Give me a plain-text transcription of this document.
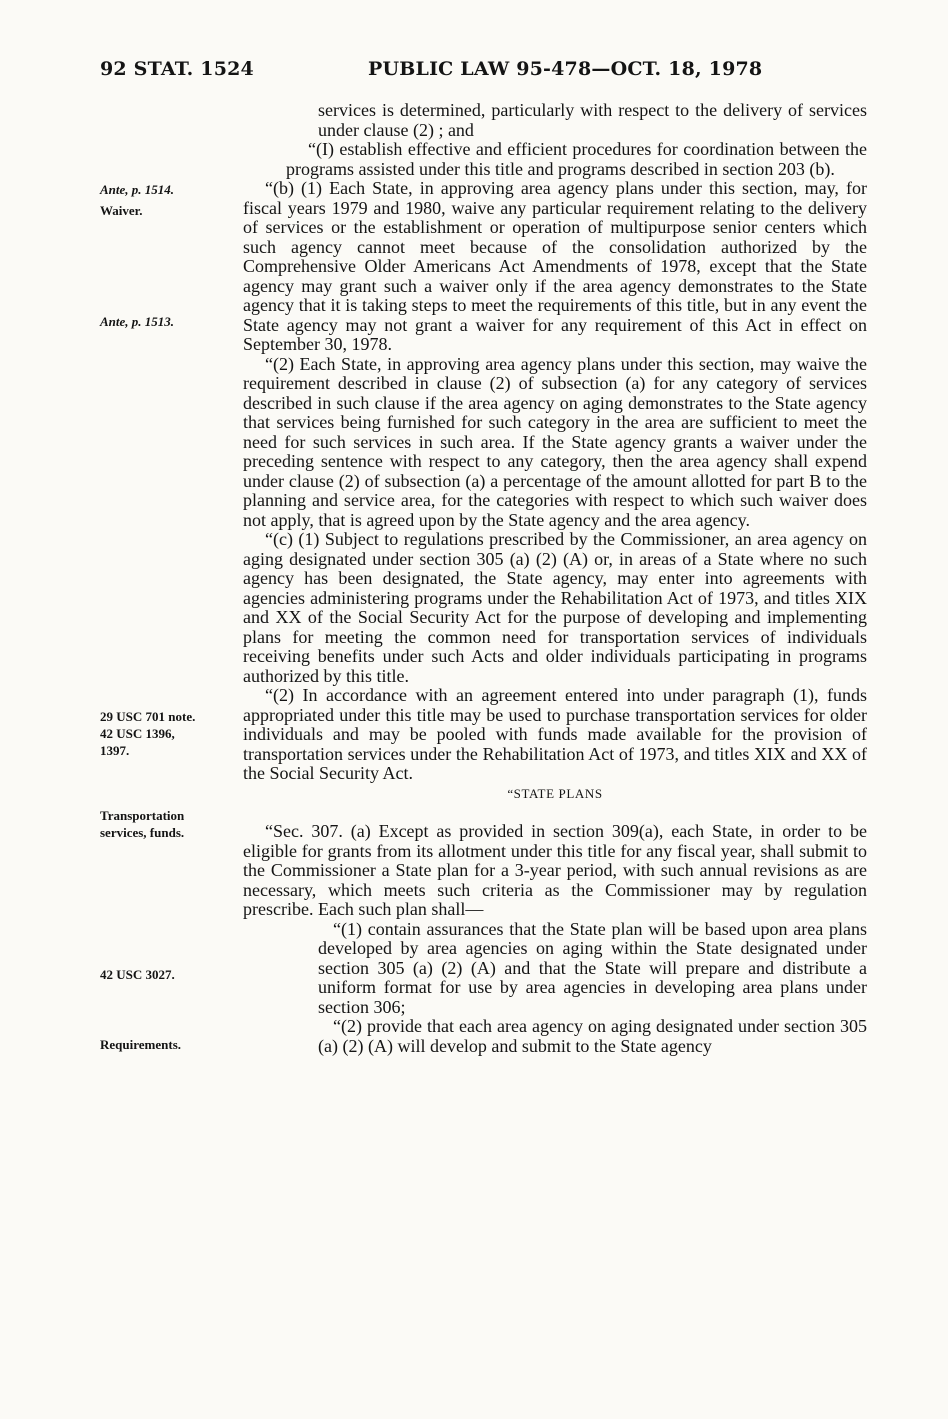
92 STAT. 1524	PUBLIC LAW 95-478—OCT. 18, 1978
Ante, p. 1514.
Waiver.
Ante, p. 1513.
29 USC 701 note.
42 USC 1396,
1397.
Transportation
services, funds.
42 USC 3027.
Requirements.

services is determined, particularly with respect to the delivery of services under clause (2) ; and

“(I) establish effective and efficient procedures for coordination between the programs assisted under this title and programs described in section 203 (b).

“(b) (1) Each State, in approving area agency plans under this section, may, for fiscal years 1979 and 1980, waive any particular requirement relating to the delivery of services or the establishment or operation of multipurpose senior centers which such agency cannot meet because of the consolidation authorized by the Comprehensive Older Americans Act Amendments of 1978, except that the State agency may grant such a waiver only if the area agency demonstrates to the State agency that it is taking steps to meet the requirements of this title, but in any event the State agency may not grant a waiver for any requirement of this Act in effect on September 30, 1978.

“(2) Each State, in approving area agency plans under this section, may waive the requirement described in clause (2) of subsection (a) for any category of services described in such clause if the area agency on aging demonstrates to the State agency that services being furnished for such category in the area are sufficient to meet the need for such services in such area. If the State agency grants a waiver under the preceding sentence with respect to any category, then the area agency shall expend under clause (2) of subsection (a) a percentage of the amount allotted for part B to the planning and service area, for the categories with respect to which such waiver does not apply, that is agreed upon by the State agency and the area agency.

“(c) (1) Subject to regulations prescribed by the Commissioner, an area agency on aging designated under section 305 (a) (2) (A) or, in areas of a State where no such agency has been designated, the State agency, may enter into agreements with agencies administering programs under the Rehabilitation Act of 1973, and titles XIX and XX of the Social Security Act for the purpose of developing and implementing plans for meeting the common need for transportation services of individuals receiving benefits under such Acts and older individuals participating in programs authorized by this title.

“(2) In accordance with an agreement entered into under paragraph (1), funds appropriated under this title may be used to purchase transportation services for older individuals and may be pooled with funds made available for the provision of transportation services under the Rehabilitation Act of 1973, and titles XIX and XX of the Social Security Act.

“STATE PLANS

“Sec. 307. (a) Except as provided in section 309(a), each State, in order to be eligible for grants from its allotment under this title for any fiscal year, shall submit to the Commissioner a State plan for a 3-year period, with such annual revisions as are necessary, which meets such criteria as the Commissioner may by regulation prescribe. Each such plan shall—

“(1) contain assurances that the State plan will be based upon area plans developed by area agencies on aging within the State designated under section 305 (a) (2) (A) and that the State will prepare and distribute a uniform format for use by area agencies in developing area plans under section 306;

“(2) provide that each area agency on aging designated under section 305 (a) (2) (A) will develop and submit to the State agency
